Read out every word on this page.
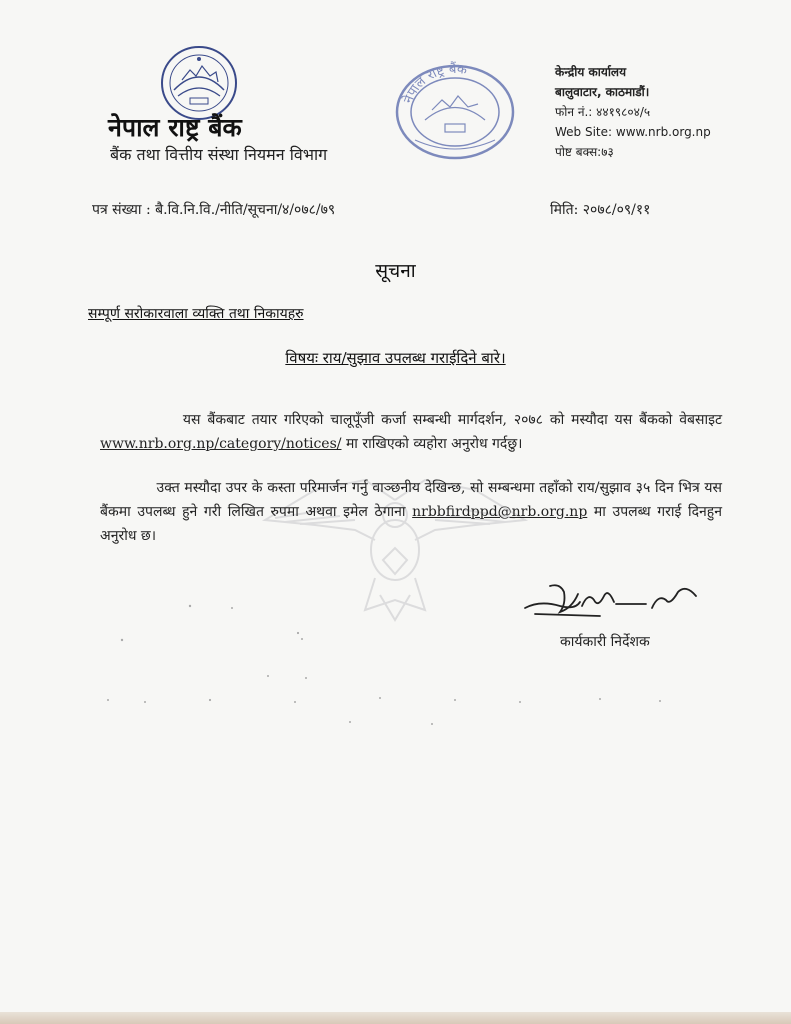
नेपाल राष्ट्र बैंक
बैंक तथा वित्तीय संस्था नियमन विभाग
नेपाल राष्ट्र बैंक	केन्द्रीय कार्यालय
बालुवाटार, काठमाडौं।
फोन नं.: ४४१९८०४/५
Web Site: www.nrb.org.np
पोष्ट बक्स:७३
पत्र संख्या : बै.वि.नि.वि./नीति/सूचना/४/०७८/७९	मिति: २०७८/०९/११
सूचना
सम्पूर्ण सरोकारवाला व्यक्ति तथा निकायहरु
विषयः राय/सुझाव उपलब्ध गराईदिने बारे।

यस बैंकबाट तयार गरिएको चालूपूँजी कर्जा सम्बन्धी मार्गदर्शन, २०७८ को मस्यौदा यस बैंकको वेबसाइट www.nrb.org.np/category/notices/ मा राखिएको व्यहोरा अनुरोध गर्दछु।

उक्त मस्यौदा उपर के कस्ता परिमार्जन गर्नु वाञ्छनीय देखिन्छ, सो सम्बन्धमा तहाँको राय/सुझाव ३५ दिन भित्र यस बैंकमा उपलब्ध हुने गरी लिखित रुपमा अथवा इमेल ठेगाना nrbbfirdppd@nrb.org.np मा उपलब्ध गराई दिनहुन अनुरोध छ।

कार्यकारी निर्देशक
